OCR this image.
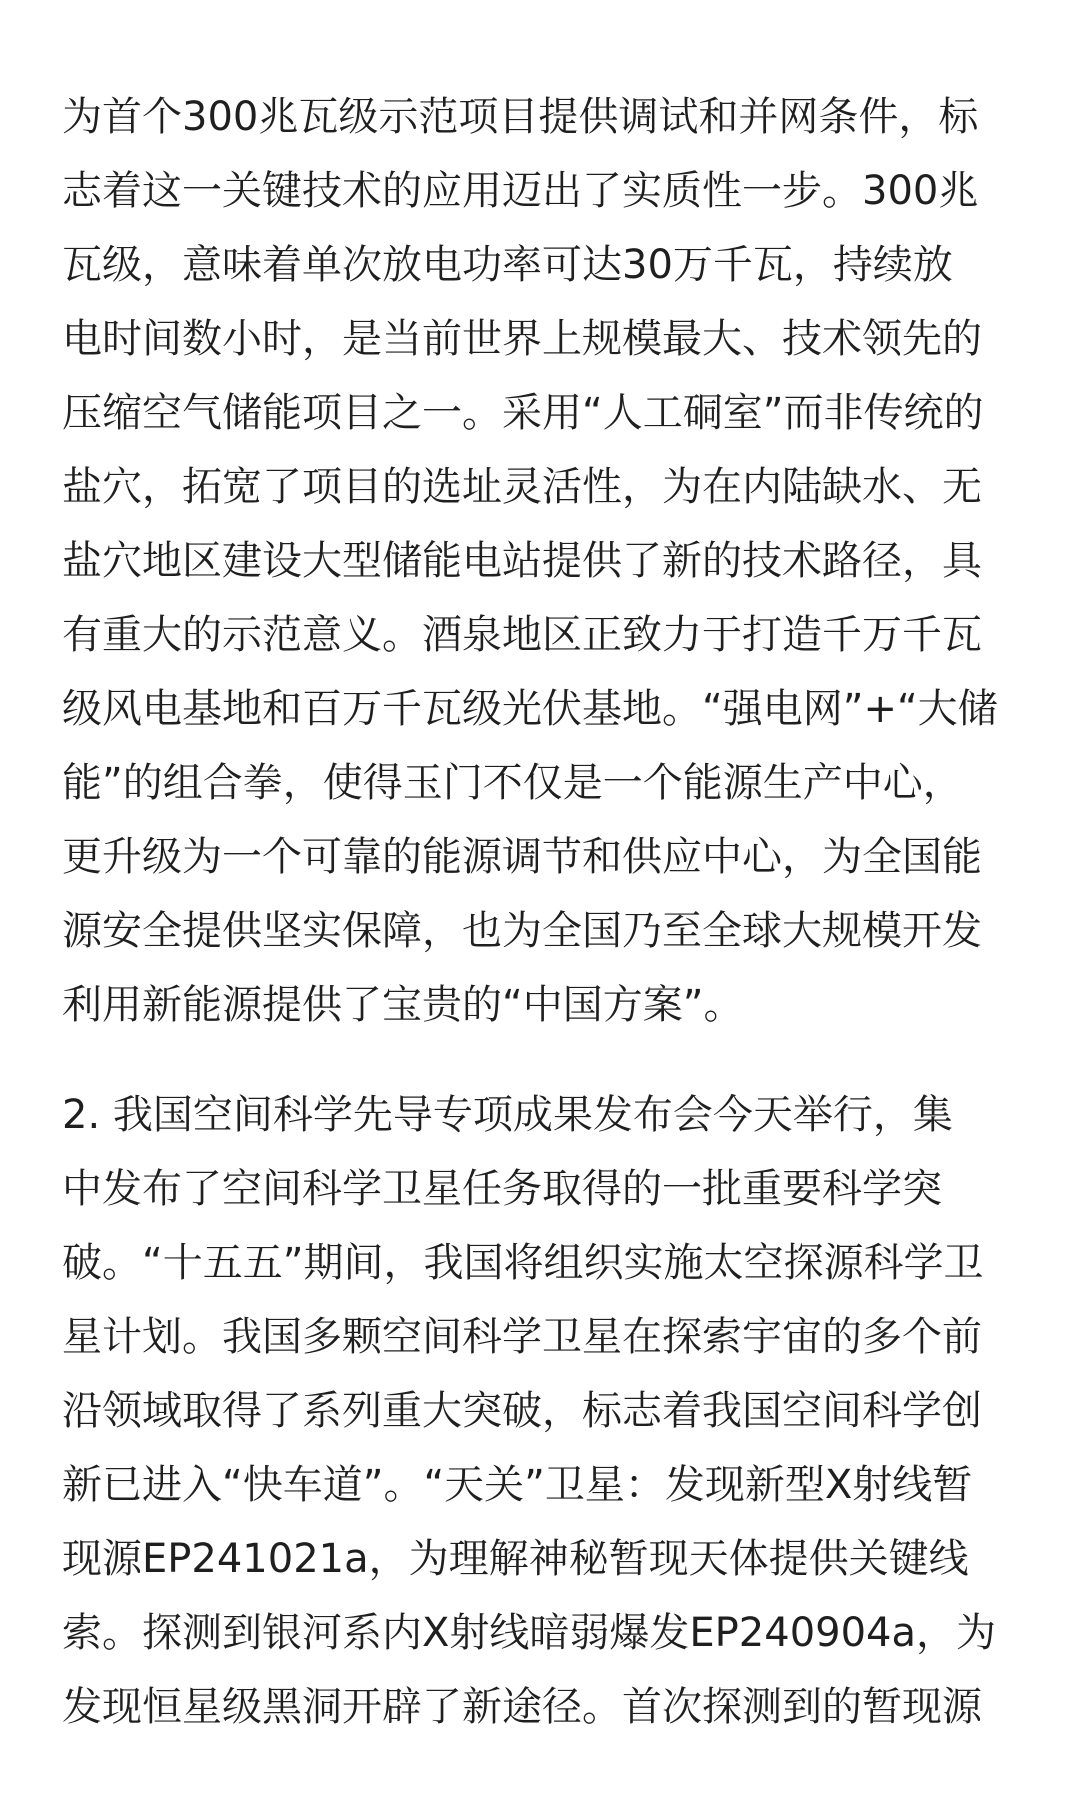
为首个300兆瓦级示范项目提供调试和并网条件，标
志着这一关键技术的应用迈出了实质性一步。300兆
瓦级，意味着单次放电功率可达30万千瓦，持续放
电时间数小时，是当前世界上规模最大、技术领先的
压缩空气储能项目之一。采用“人工硐室”而非传统的
盐穴，拓宽了项目的选址灵活性，为在内陆缺水、无
盐穴地区建设大型储能电站提供了新的技术路径，具
有重大的示范意义。酒泉地区正致力于打造千万千瓦
级风电基地和百万千瓦级光伏基地。“强电网”+“大储
能”的组合拳，使得玉门不仅是一个能源生产中心，
更升级为一个可靠的能源调节和供应中心，为全国能
源安全提供坚实保障，也为全国乃至全球大规模开发
利用新能源提供了宝贵的“中国方案”。
2. 我国空间科学先导专项成果发布会今天举行，集
中发布了空间科学卫星任务取得的一批重要科学突
破。“十五五”期间，我国将组织实施太空探源科学卫
星计划。我国多颗空间科学卫星在探索宇宙的多个前
沿领域取得了系列重大突破，标志着我国空间科学创
新已进入“快车道”。“天关”卫星：发现新型X射线暂
现源EP241021a，为理解神秘暂现天体提供关键线
索。探测到银河系内X射线暗弱爆发EP240904a，为
发现恒星级黑洞开辟了新途径。首次探测到的暂现源
